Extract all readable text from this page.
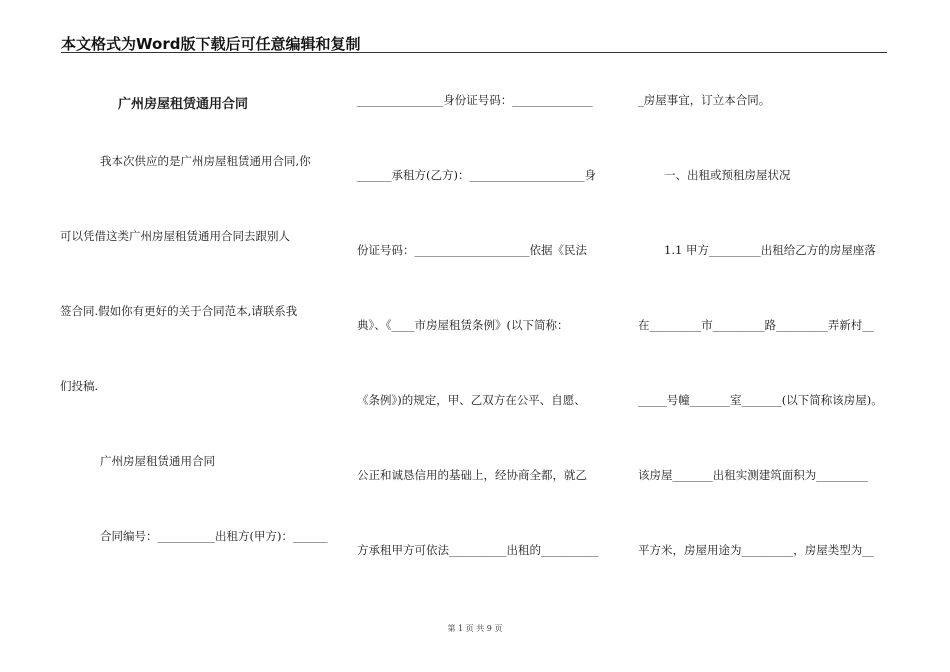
本文格式为Word版下载后可任意编辑和复制
广州房屋租赁通用合同
我本次供应的是广州房屋租赁通用合同,你
可以凭借这类广州房屋租赁通用合同去跟别人
签合同.假如你有更好的关于合同范本,请联系我
们投稿.
广州房屋租赁通用合同
合同编号：__________出租方(甲方)：______
_______________身份证号码：______________
______承租方(乙方)：____________________身
份证号码：____________________依据《民法
典》、《____市房屋租赁条例》(以下简称：
《条例》)的规定，甲、乙双方在公平、自愿、
公正和诚恳信用的基础上，经协商全都，就乙
方承租甲方可依法__________出租的__________
_房屋事宜，订立本合同。
一、出租或预租房屋状况
1.1 甲方_________出租给乙方的房屋座落
在_________市_________路_________弄新村__
_____号幢_______室_______(以下简称该房屋)。
该房屋_______出租实测建筑面积为_________
平方米，房屋用途为_________，房屋类型为__
第 1 页 共 9 页
